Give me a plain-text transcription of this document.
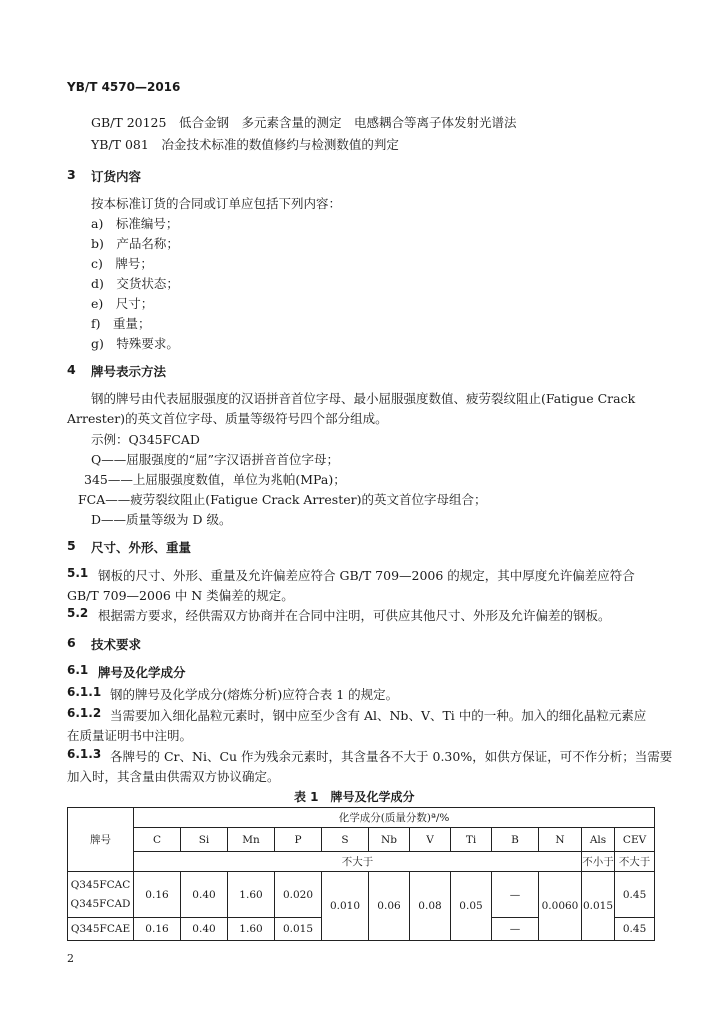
YB/T 4570—2016
GB/T 20125　低合金钢　多元素含量的测定　电感耦合等离子体发射光谱法
YB/T 081　冶金技术标准的数值修约与检测数值的判定
3 订货内容
按本标准订货的合同或订单应包括下列内容：
a)　标准编号；
b)　产品名称；
c)　牌号；
d)　交货状态；
e)　尺寸；
f)　重量；
g)　特殊要求。
4 牌号表示方法
钢的牌号由代表屈服强度的汉语拼音首位字母、最小屈服强度数值、疲劳裂纹阻止(Fatigue Crack
Arrester)的英文首位字母、质量等级符号四个部分组成。
示例：Q345FCAD
Q——屈服强度的“屈”字汉语拼音首位字母；
345——上屈服强度数值，单位为兆帕(MPa)；
FCA——疲劳裂纹阻止(Fatigue Crack Arrester)的英文首位字母组合；
D——质量等级为 D 级。
5 尺寸、外形、重量
5.1 钢板的尺寸、外形、重量及允许偏差应符合 GB/T 709—2006 的规定，其中厚度允许偏差应符合
GB/T 709—2006 中 N 类偏差的规定。
5.2 根据需方要求，经供需双方协商并在合同中注明，可供应其他尺寸、外形及允许偏差的钢板。
6 技术要求
6.1 牌号及化学成分
6.1.1 钢的牌号及化学成分(熔炼分析)应符合表 1 的规定。
6.1.2 当需要加入细化晶粒元素时，钢中应至少含有 Al、Nb、V、Ti 中的一种。加入的细化晶粒元素应
在质量证明书中注明。
6.1.3 各牌号的 Cr、Ni、Cu 作为残余元素时，其含量各不大于 0.30%，如供方保证，可不作分析；当需要
加入时，其含量由供需双方协议确定。
表 1　牌号及化学成分
牌号	化学成分(质量分数)ª/%											
	C	Si	Mn	P	S	Nb	V	Ti	B	N	Als	CEV
	不大于										不小于	不大于
Q345FCAC	0.16	0.40	1.60	0.020	0.010	0.06	0.08	0.05	—	0.0060	0.015	0.45
Q345FCAD												
Q345FCAE	0.16	0.40	1.60	0.015					—			0.45
2
